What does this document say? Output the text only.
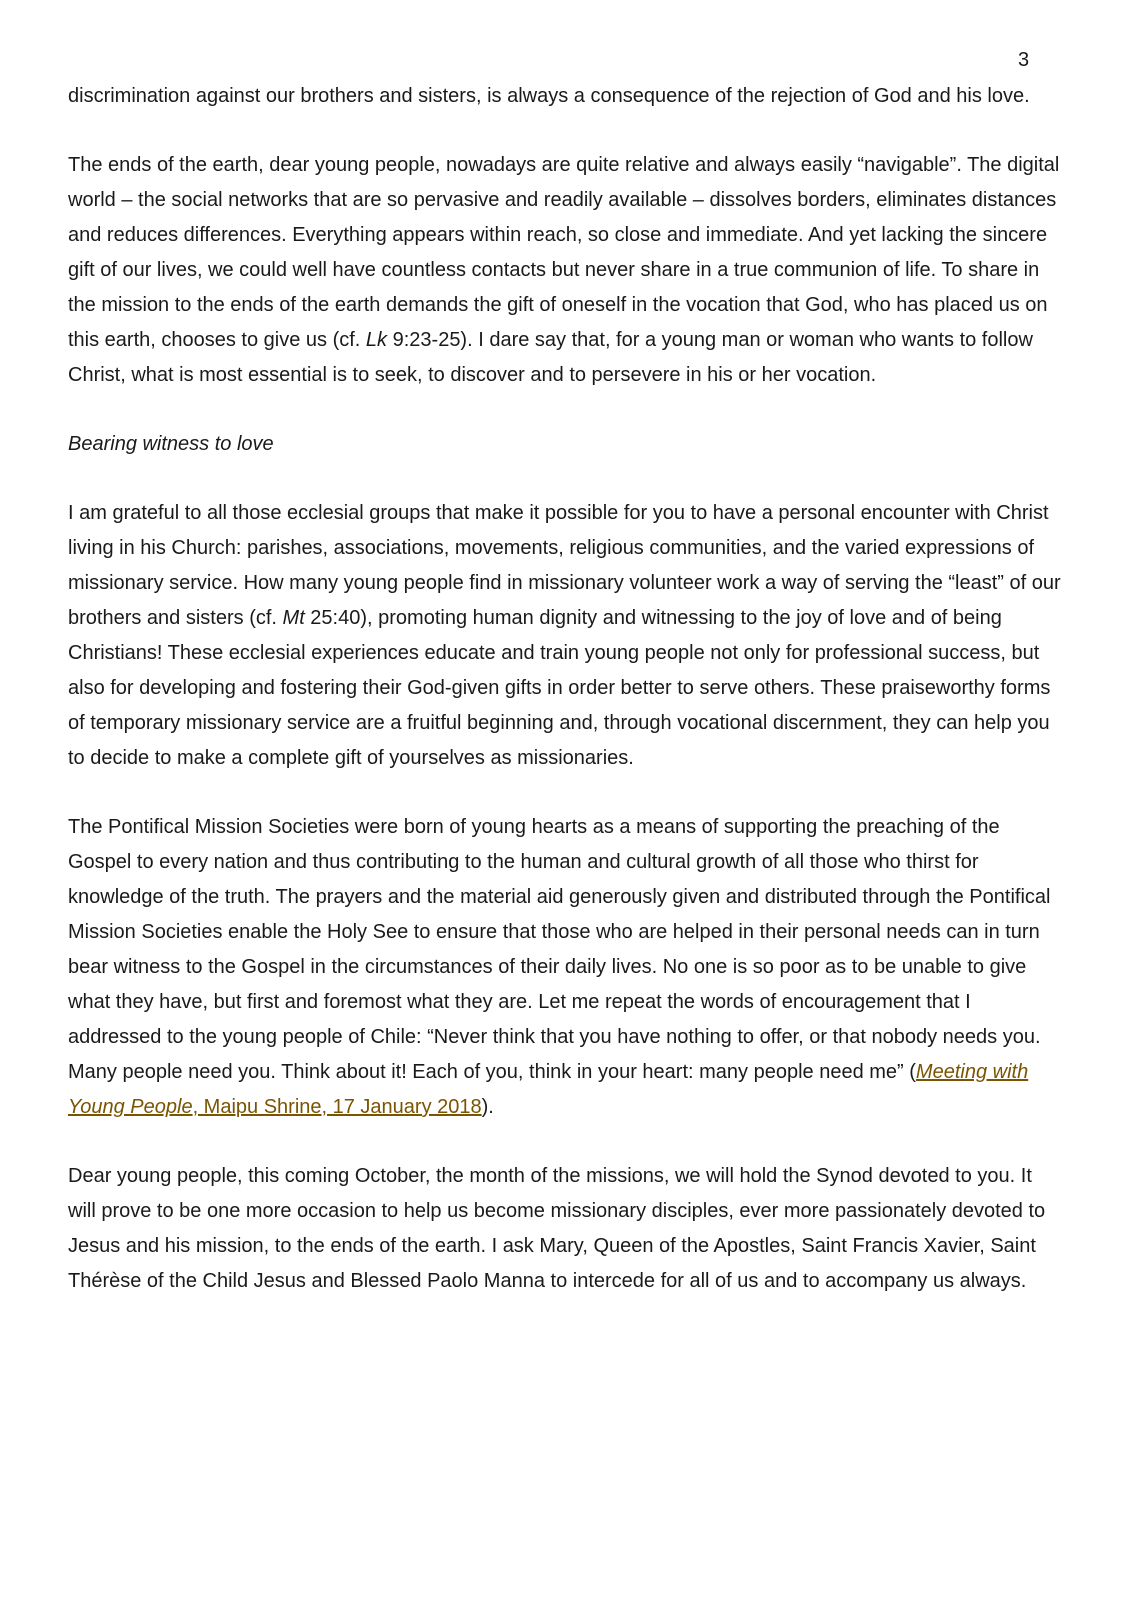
3

discrimination against our brothers and sisters, is always a consequence of the rejection of God and his love.

The ends of the earth, dear young people, nowadays are quite relative and always easily “navigable”. The digital world – the social networks that are so pervasive and readily available – dissolves borders, eliminates distances and reduces differences. Everything appears within reach, so close and immediate. And yet lacking the sincere gift of our lives, we could well have countless contacts but never share in a true communion of life. To share in the mission to the ends of the earth demands the gift of oneself in the vocation that God, who has placed us on this earth, chooses to give us (cf. Lk 9:23-25). I dare say that, for a young man or woman who wants to follow Christ, what is most essential is to seek, to discover and to persevere in his or her vocation.

Bearing witness to love

I am grateful to all those ecclesial groups that make it possible for you to have a personal encounter with Christ living in his Church: parishes, associations, movements, religious communities, and the varied expressions of missionary service. How many young people find in missionary volunteer work a way of serving the “least” of our brothers and sisters (cf. Mt 25:40), promoting human dignity and witnessing to the joy of love and of being Christians! These ecclesial experiences educate and train young people not only for professional success, but also for developing and fostering their God-given gifts in order better to serve others. These praiseworthy forms of temporary missionary service are a fruitful beginning and, through vocational discernment, they can help you to decide to make a complete gift of yourselves as missionaries.

The Pontifical Mission Societies were born of young hearts as a means of supporting the preaching of the Gospel to every nation and thus contributing to the human and cultural growth of all those who thirst for knowledge of the truth. The prayers and the material aid generously given and distributed through the Pontifical Mission Societies enable the Holy See to ensure that those who are helped in their personal needs can in turn bear witness to the Gospel in the circumstances of their daily lives. No one is so poor as to be unable to give what they have, but first and foremost what they are. Let me repeat the words of encouragement that I addressed to the young people of Chile: “Never think that you have nothing to offer, or that nobody needs you. Many people need you. Think about it! Each of you, think in your heart: many people need me” (Meeting with Young People, Maipu Shrine, 17 January 2018).

Dear young people, this coming October, the month of the missions, we will hold the Synod devoted to you. It will prove to be one more occasion to help us become missionary disciples, ever more passionately devoted to Jesus and his mission, to the ends of the earth. I ask Mary, Queen of the Apostles, Saint Francis Xavier, Saint Thérèse of the Child Jesus and Blessed Paolo Manna to intercede for all of us and to accompany us always.
